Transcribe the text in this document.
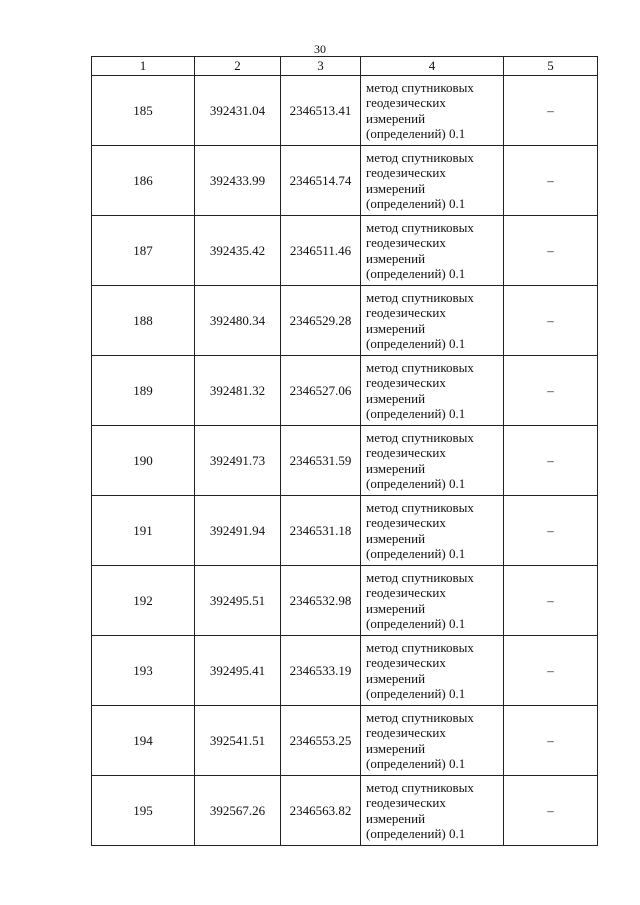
30
1	2	3	4	5
185	392431.04	2346513.41	метод спутниковых
геодезических
измерений
(определений) 0.1	–
186	392433.99	2346514.74	метод спутниковых
геодезических
измерений
(определений) 0.1	–
187	392435.42	2346511.46	метод спутниковых
геодезических
измерений
(определений) 0.1	–
188	392480.34	2346529.28	метод спутниковых
геодезических
измерений
(определений) 0.1	–
189	392481.32	2346527.06	метод спутниковых
геодезических
измерений
(определений) 0.1	–
190	392491.73	2346531.59	метод спутниковых
геодезических
измерений
(определений) 0.1	–
191	392491.94	2346531.18	метод спутниковых
геодезических
измерений
(определений) 0.1	–
192	392495.51	2346532.98	метод спутниковых
геодезических
измерений
(определений) 0.1	–
193	392495.41	2346533.19	метод спутниковых
геодезических
измерений
(определений) 0.1	–
194	392541.51	2346553.25	метод спутниковых
геодезических
измерений
(определений) 0.1	–
195	392567.26	2346563.82	метод спутниковых
геодезических
измерений
(определений) 0.1	–
